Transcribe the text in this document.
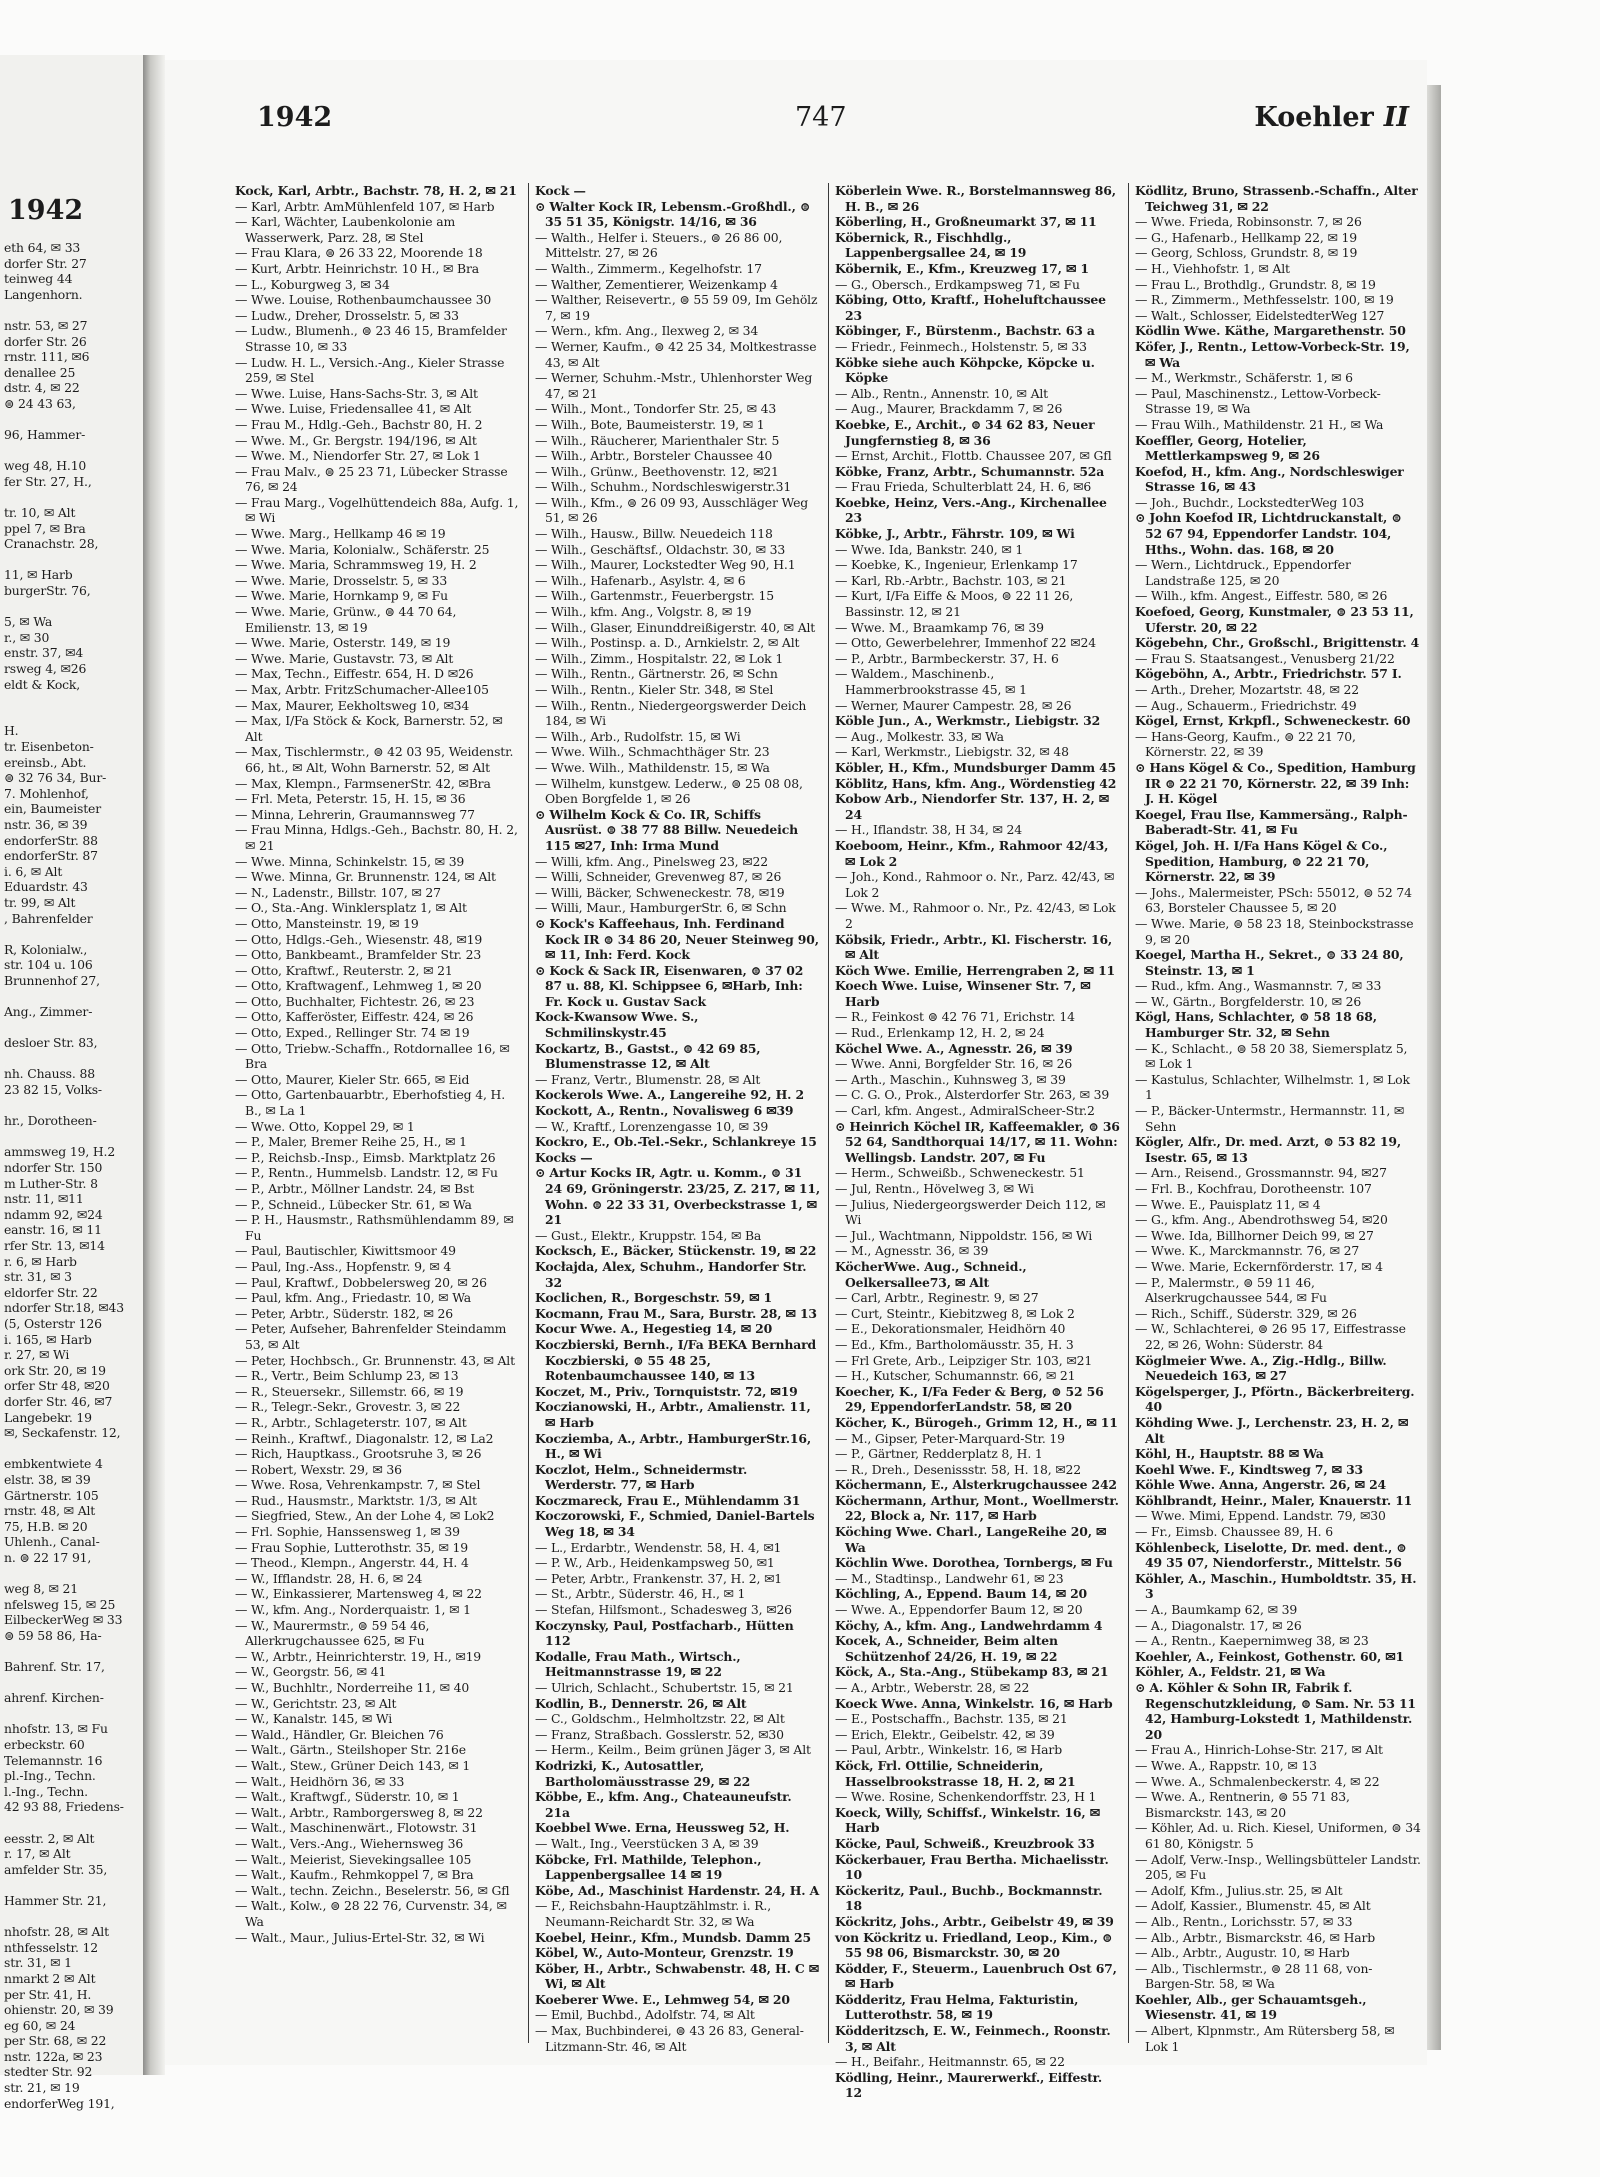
1942
eth 64, ✉ 33
dorfer Str. 27
teinweg 44
Langenhorn.
nstr. 53, ✉ 27
dorfer Str. 26
rnstr. 111, ✉6
denallee 25
dstr. 4, ✉ 22
⊜ 24 43 63,
96, Hammer-
weg 48, H.10
fer Str. 27, H.,
tr. 10, ✉ Alt
ppel 7, ✉ Bra
Cranachstr. 28,
11, ✉ Harb
burgerStr. 76,
5, ✉ Wa
r., ✉ 30
enstr. 37, ✉4
rsweg 4, ✉26
eldt & Kock,
H.
tr. Eisenbeton-
ereinsb., Abt.
⊜ 32 76 34, Bur-
7. Mohlenhof,
ein, Baumeister
nstr. 36, ✉ 39
endorferStr. 88
endorferStr. 87
i. 6, ✉ Alt
Eduardstr. 43
tr. 99, ✉ Alt
, Bahrenfelder
R, Kolonialw.,
str. 104 u. 106
Brunnenhof 27,
Ang., Zimmer-
desloer Str. 83,
nh. Chauss. 88
23 82 15, Volks-
hr., Dorotheen-
ammsweg 19, H.2
ndorfer Str. 150
m Luther-Str. 8
nstr. 11, ✉11
ndamm 92, ✉24
eanstr. 16, ✉ 11
rfer Str. 13, ✉14
r. 6, ✉ Harb
str. 31, ✉ 3
eldorfer Str. 22
ndorfer Str.18, ✉43
(5, Osterstr 126
i. 165, ✉ Harb
r. 27, ✉ Wi
ork Str. 20, ✉ 19
orfer Str 48, ✉20
dorfer Str. 46, ✉7
Langebekr. 19
✉, Seckafenstr. 12,
embkentwiete 4
elstr. 38, ✉ 39
Gärtnerstr. 105
rnstr. 48, ✉ Alt
75, H.B. ✉ 20
Uhlenh., Canal-
n. ⊜ 22 17 91,
weg 8, ✉ 21
nfelsweg 15, ✉ 25
EilbeckerWeg ✉ 33
⊜ 59 58 86, Ha-
Bahrenf. Str. 17,
ahrenf. Kirchen-
nhofstr. 13, ✉ Fu
erbeckstr. 60
Telemannstr. 16
pl.-Ing., Techn.
l.-Ing., Techn.
42 93 88, Friedens-
eesstr. 2, ✉ Alt
r. 17, ✉ Alt
amfelder Str. 35,
Hammer Str. 21,
nhofstr. 28, ✉ Alt
nthfesselstr. 12
str. 31, ✉ 1
nmarkt 2 ✉ Alt
per Str. 41, H.
ohienstr. 20, ✉ 39
eg 60, ✉ 24
per Str. 68, ✉ 22
nstr. 122a, ✉ 23
stedter Str. 92
str. 21, ✉ 19
endorferWeg 191,
1942	747	Koehler II
Kock, Karl, Arbtr., Bachstr. 78, H. 2, ✉ 21
— Karl, Arbtr. AmMühlenfeld 107, ✉ Harb
— Karl, Wächter, Laubenkolonie am Wasserwerk, Parz. 28, ✉ Stel
— Frau Klara, ⊜ 26 33 22, Moorende 18
— Kurt, Arbtr. Heinrichstr. 10 H., ✉ Bra
— L., Koburgweg 3, ✉ 34
— Wwe. Louise, Rothenbaumchaussee 30
— Ludw., Dreher, Drosselstr. 5, ✉ 33
— Ludw., Blumenh., ⊜ 23 46 15, Bramfelder Strasse 10, ✉ 33
— Ludw. H. L., Versich.-Ang., Kieler Strasse 259, ✉ Stel
— Wwe. Luise, Hans-Sachs-Str. 3, ✉ Alt
— Wwe. Luise, Friedensallee 41, ✉ Alt
— Frau M., Hdlg.-Geh., Bachstr 80, H. 2
— Wwe. M., Gr. Bergstr. 194/196, ✉ Alt
— Wwe. M., Niendorfer Str. 27, ✉ Lok 1
— Frau Malv., ⊜ 25 23 71, Lübecker Strasse 76, ✉ 24
— Frau Marg., Vogelhüttendeich 88a, Aufg. 1, ✉ Wi
— Wwe. Marg., Hellkamp 46 ✉ 19
— Wwe. Maria, Kolonialw., Schäferstr. 25
— Wwe. Maria, Schrammsweg 19, H. 2
— Wwe. Marie, Drosselstr. 5, ✉ 33
— Wwe. Marie, Hornkamp 9, ✉ Fu
— Wwe. Marie, Grünw., ⊜ 44 70 64, Emilienstr. 13, ✉ 19
— Wwe. Marie, Osterstr. 149, ✉ 19
— Wwe. Marie, Gustavstr. 73, ✉ Alt
— Max, Techn., Eiffestr. 654, H. D ✉26
— Max, Arbtr. FritzSchumacher-Allee105
— Max, Maurer, Eekholtsweg 10, ✉34
— Max, I/Fa Stöck & Kock, Barnerstr. 52, ✉ Alt
— Max, Tischlermstr., ⊜ 42 03 95, Weidenstr. 66, ht., ✉ Alt, Wohn Barnerstr. 52, ✉ Alt
— Max, Klempn., FarmsenerStr. 42, ✉Bra
— Frl. Meta, Peterstr. 15, H. 15, ✉ 36
— Minna, Lehrerin, Graumannsweg 77
— Frau Minna, Hdlgs.-Geh., Bachstr. 80, H. 2, ✉ 21
— Wwe. Minna, Schinkelstr. 15, ✉ 39
— Wwe. Minna, Gr. Brunnenstr. 124, ✉ Alt
— N., Ladenstr., Billstr. 107, ✉ 27
— O., Sta.-Ang. Winklersplatz 1, ✉ Alt
— Otto, Mansteinstr. 19, ✉ 19
— Otto, Hdlgs.-Geh., Wiesenstr. 48, ✉19
— Otto, Bankbeamt., Bramfelder Str. 23
— Otto, Kraftwf., Reuterstr. 2, ✉ 21
— Otto, Kraftwagenf., Lehmweg 1, ✉ 20
— Otto, Buchhalter, Fichtestr. 26, ✉ 23
— Otto, Kafferöster, Eiffestr. 424, ✉ 26
— Otto, Exped., Rellinger Str. 74 ✉ 19
— Otto, Triebw.-Schaffn., Rotdornallee 16, ✉ Bra
— Otto, Maurer, Kieler Str. 665, ✉ Eid
— Otto, Gartenbauarbtr., Eberhofstieg 4, H. B., ✉ La 1
— Wwe. Otto, Koppel 29, ✉ 1
— P., Maler, Bremer Reihe 25, H., ✉ 1
— P., Reichsb.-Insp., Eimsb. Marktplatz 26
— P., Rentn., Hummelsb. Landstr. 12, ✉ Fu
— P., Arbtr., Möllner Landstr. 24, ✉ Bst
— P., Schneid., Lübecker Str. 61, ✉ Wa
— P. H., Hausmstr., Rathsmühlendamm 89, ✉ Fu
— Paul, Bautischler, Kiwittsmoor 49
— Paul, Ing.-Ass., Hopfenstr. 9, ✉ 4
— Paul, Kraftwf., Dobbelersweg 20, ✉ 26
— Paul, kfm. Ang., Friedastr. 10, ✉ Wa
— Peter, Arbtr., Süderstr. 182, ✉ 26
— Peter, Aufseher, Bahrenfelder Steindamm 53, ✉ Alt
— Peter, Hochbsch., Gr. Brunnenstr. 43, ✉ Alt
— R., Vertr., Beim Schlump 23, ✉ 13
— R., Steuersekr., Sillemstr. 66, ✉ 19
— R., Telegr.-Sekr., Grovestr. 3, ✉ 22
— R., Arbtr., Schlageterstr. 107, ✉ Alt
— Reinh., Kraftwf., Diagonalstr. 12, ✉ La2
— Rich, Hauptkass., Grootsruhe 3, ✉ 26
— Robert, Wexstr. 29, ✉ 36
— Wwe. Rosa, Vehrenkampstr. 7, ✉ Stel
— Rud., Hausmstr., Marktstr. 1/3, ✉ Alt
— Siegfried, Stew., An der Lohe 4, ✉ Lok2
— Frl. Sophie, Hanssensweg 1, ✉ 39
— Frau Sophie, Lutterothstr. 35, ✉ 19
— Theod., Klempn., Angerstr. 44, H. 4
— W., Ifflandstr. 28, H. 6, ✉ 24
— W., Einkassierer, Martensweg 4, ✉ 22
— W., kfm. Ang., Norderquaistr. 1, ✉ 1
— W., Maurermstr., ⊜ 59 54 46, Allerkrugchaussee 625, ✉ Fu
— W., Arbtr., Heinrichterstr. 19, H., ✉19
— W., Georgstr. 56, ✉ 41
— W., Buchhltr., Norderreihe 11, ✉ 40
— W., Gerichtstr. 23, ✉ Alt
— W., Kanalstr. 145, ✉ Wi
— Wald., Händler, Gr. Bleichen 76
— Walt., Gärtn., Steilshoper Str. 216e
— Walt., Stew., Grüner Deich 143, ✉ 1
— Walt., Heidhörn 36, ✉ 33
— Walt., Kraftwgf., Süderstr. 10, ✉ 1
— Walt., Arbtr., Ramborgersweg 8, ✉ 22
— Walt., Maschinenwärt., Flotowstr. 31
— Walt., Vers.-Ang., Wiehernsweg 36
— Walt., Meierist, Sievekingsallee 105
— Walt., Kaufm., Rehmkoppel 7, ✉ Bra
— Walt., techn. Zeichn., Beselerstr. 56, ✉ Gfl
— Walt., Kolw., ⊜ 28 22 76, Curvenstr. 34, ✉ Wa
— Walt., Maur., Julius-Ertel-Str. 32, ✉ Wi
Kock —
⊙ Walter Kock IR, Lebensm.-Großhdl., ⊜ 35 51 35, Königstr. 14/16, ✉ 36
— Walth., Helfer i. Steuers., ⊜ 26 86 00, Mittelstr. 27, ✉ 26
— Walth., Zimmerm., Kegelhofstr. 17
— Walther, Zementierer, Weizenkamp 4
— Walther, Reisevertr., ⊜ 55 59 09, Im Gehölz 7, ✉ 19
— Wern., kfm. Ang., Ilexweg 2, ✉ 34
— Werner, Kaufm., ⊜ 42 25 34, Moltkestrasse 43, ✉ Alt
— Werner, Schuhm.-Mstr., Uhlenhorster Weg 47, ✉ 21
— Wilh., Mont., Tondorfer Str. 25, ✉ 43
— Wilh., Bote, Baumeisterstr. 19, ✉ 1
— Wilh., Räucherer, Marienthaler Str. 5
— Wilh., Arbtr., Borsteler Chaussee 40
— Wilh., Grünw., Beethovenstr. 12, ✉21
— Wilh., Schuhm., Nordschleswigerstr.31
— Wilh., Kfm., ⊜ 26 09 93, Ausschläger Weg 51, ✉ 26
— Wilh., Hausw., Billw. Neuedeich 118
— Wilh., Geschäftsf., Oldachstr. 30, ✉ 33
— Wilh., Maurer, Lockstedter Weg 90, H.1
— Wilh., Hafenarb., Asylstr. 4, ✉ 6
— Wilh., Gartenmstr., Feuerbergstr. 15
— Wilh., kfm. Ang., Volgstr. 8, ✉ 19
— Wilh., Glaser, Einunddreißigerstr. 40, ✉ Alt
— Wilh., Postinsp. a. D., Arnkielstr. 2, ✉ Alt
— Wilh., Zimm., Hospitalstr. 22, ✉ Lok 1
— Wilh., Rentn., Gärtnerstr. 26, ✉ Schn
— Wilh., Rentn., Kieler Str. 348, ✉ Stel
— Wilh., Rentn., Niedergeorgswerder Deich 184, ✉ Wi
— Wilh., Arb., Rudolfstr. 15, ✉ Wi
— Wwe. Wilh., Schmachthäger Str. 23
— Wwe. Wilh., Mathildenstr. 15, ✉ Wa
— Wilhelm, kunstgew. Lederw., ⊜ 25 08 08, Oben Borgfelde 1, ✉ 26
⊙ Wilhelm Kock & Co. IR, Schiffs Ausrüst. ⊜ 38 77 88 Billw. Neuedeich 115 ✉27, Inh: Irma Mund
— Willi, kfm. Ang., Pinelsweg 23, ✉22
— Willi, Schneider, Grevenweg 87, ✉ 26
— Willi, Bäcker, Schweneckestr. 78, ✉19
— Willi, Maur., HamburgerStr. 6, ✉ Schn
⊙ Kock's Kaffeehaus, Inh. Ferdinand Kock IR ⊜ 34 86 20, Neuer Steinweg 90, ✉ 11, Inh: Ferd. Kock
⊙ Kock & Sack IR, Eisenwaren, ⊜ 37 02 87 u. 88, Kl. Schippsee 6, ✉Harb, Inh: Fr. Kock u. Gustav Sack
Kock-Kwansow Wwe. S., Schmilinskystr.45
Kockartz, B., Gastst., ⊜ 42 69 85, Blumenstrasse 12, ✉ Alt
— Franz, Vertr., Blumenstr. 28, ✉ Alt
Kockerols Wwe. A., Langereihe 92, H. 2
Kockott, A., Rentn., Novalisweg 6 ✉39
— W., Kraftf., Lorenzengasse 10, ✉ 39
Kockro, E., Ob.-Tel.-Sekr., Schlankreye 15
Kocks —
⊙ Artur Kocks IR, Agtr. u. Komm., ⊜ 31 24 69, Gröningerstr. 23/25, Z. 217, ✉ 11, Wohn. ⊜ 22 33 31, Overbeckstrasse 1, ✉ 21
— Gust., Elektr., Kruppstr. 154, ✉ Ba
Kocksch, E., Bäcker, Stückenstr. 19, ✉ 22
Kocłajda, Alex, Schuhm., Handorfer Str. 32
Koclichen, R., Borgeschstr. 59, ✉ 1
Kocmann, Frau M., Sara, Burstr. 28, ✉ 13
Kocur Wwe. A., Hegestieg 14, ✉ 20
Koczbierski, Bernh., I/Fa BEKA Bernhard Koczbierski, ⊜ 55 48 25, Rotenbaumchaussee 140, ✉ 13
Koczet, M., Priv., Tornquiststr. 72, ✉19
Koczianowski, H., Arbtr., Amalienstr. 11, ✉ Harb
Kocziemba, A., Arbtr., HamburgerStr.16, H., ✉ Wi
Koczlot, Helm., Schneidermstr. Werderstr. 77, ✉ Harb
Koczmareck, Frau E., Mühlendamm 31
Koczorowski, F., Schmied, Daniel-Bartels Weg 18, ✉ 34
— L., Erdarbtr., Wendenstr. 58, H. 4, ✉1
— P. W., Arb., Heidenkampsweg 50, ✉1
— Peter, Arbtr., Frankenstr. 37, H. 2, ✉1
— St., Arbtr., Süderstr. 46, H., ✉ 1
— Stefan, Hilfsmont., Schadesweg 3, ✉26
Koczynsky, Paul, Postfacharb., Hütten 112
Kodalle, Frau Math., Wirtsch., Heitmannstrasse 19, ✉ 22
— Ulrich, Schlacht., Schubertstr. 15, ✉ 21
Kodlin, B., Dennerstr. 26, ✉ Alt
— C., Goldschm., Helmholtzstr. 22, ✉ Alt
— Franz, Straßbach. Gosslerstr. 52, ✉30
— Herm., Keilm., Beim grünen Jäger 3, ✉ Alt
Kodrizki, K., Autosattler, Bartholomäusstrasse 29, ✉ 22
Köbbe, E., kfm. Ang., Chateauneufstr. 21a
Koebbel Wwe. Erna, Heussweg 52, H.
— Walt., Ing., Veerstücken 3 A, ✉ 39
Köbcke, Frl. Mathilde, Telephon., Lappenbergsallee 14 ✉ 19
Köbe, Ad., Maschinist Hardenstr. 24, H. A
— F., Reichsbahn-Hauptzählmstr. i. R., Neumann-Reichardt Str. 32, ✉ Wa
Koebel, Heinr., Kfm., Mundsb. Damm 25
Köbel, W., Auto-Monteur, Grenzstr. 19
Köber, H., Arbtr., Schwabenstr. 48, H. C ✉ Wi, ✉ Alt
Koeberer Wwe. E., Lehmweg 54, ✉ 20
— Emil, Buchbd., Adolfstr. 74, ✉ Alt
— Max, Buchbinderei, ⊜ 43 26 83, General-Litzmann-Str. 46, ✉ Alt
Köberlein Wwe. R., Borstelmannsweg 86, H. B., ✉ 26
Köberling, H., Großneumarkt 37, ✉ 11
Köbernick, R., Fischhdlg., Lappenbergsallee 24, ✉ 19
Köbernik, E., Kfm., Kreuzweg 17, ✉ 1
— G., Obersch., Erdkampsweg 71, ✉ Fu
Köbing, Otto, Kraftf., Hoheluftchaussee 23
Köbinger, F., Bürstenm., Bachstr. 63 a
— Friedr., Feinmech., Holstenstr. 5, ✉ 33
Köbke siehe auch Köhpcke, Köpcke u. Köpke
— Alb., Rentn., Annenstr. 10, ✉ Alt
— Aug., Maurer, Brackdamm 7, ✉ 26
Koebke, E., Archit., ⊜ 34 62 83, Neuer Jungfernstieg 8, ✉ 36
— Ernst, Archit., Flottb. Chaussee 207, ✉ Gfl
Köbke, Franz, Arbtr., Schumannstr. 52a
— Frau Frieda, Schulterblatt 24, H. 6, ✉6
Koebke, Heinz, Vers.-Ang., Kirchenallee 23
Köbke, J., Arbtr., Fährstr. 109, ✉ Wi
— Wwe. Ida, Bankstr. 240, ✉ 1
— Koebke, K., Ingenieur, Erlenkamp 17
— Karl, Rb.-Arbtr., Bachstr. 103, ✉ 21
— Kurt, I/Fa Eiffe & Moos, ⊜ 22 11 26, Bassinstr. 12, ✉ 21
— Wwe. M., Braamkamp 76, ✉ 39
— Otto, Gewerbelehrer, Immenhof 22 ✉24
— P., Arbtr., Barmbeckerstr. 37, H. 6
— Waldem., Maschinenb., Hammerbrookstrasse 45, ✉ 1
— Werner, Maurer Campestr. 28, ✉ 26
Köble Jun., A., Werkmstr., Liebigstr. 32
— Aug., Molkestr. 33, ✉ Wa
— Karl, Werkmstr., Liebigstr. 32, ✉ 48
Köbler, H., Kfm., Mundsburger Damm 45
Köblitz, Hans, kfm. Ang., Wördenstieg 42
Kobow Arb., Niendorfer Str. 137, H. 2, ✉24
— H., Iflandstr. 38, H 34, ✉ 24
Koeboom, Heinr., Kfm., Rahmoor 42/43, ✉ Lok 2
— Joh., Kond., Rahmoor o. Nr., Parz. 42/43, ✉ Lok 2
— Wwe. M., Rahmoor o. Nr., Pz. 42/43, ✉ Lok 2
Köbsik, Friedr., Arbtr., Kl. Fischerstr. 16, ✉ Alt
Köch Wwe. Emilie, Herrengraben 2, ✉ 11
Koech Wwe. Luise, Winsener Str. 7, ✉ Harb
— R., Feinkost ⊜ 42 76 71, Erichstr. 14
— Rud., Erlenkamp 12, H. 2, ✉ 24
Köchel Wwe. A., Agnesstr. 26, ✉ 39
— Wwe. Anni, Borgfelder Str. 16, ✉ 26
— Arth., Maschin., Kuhnsweg 3, ✉ 39
— C. G. O., Prok., Alsterdorfer Str. 263, ✉ 39
— Carl, kfm. Angest., AdmiralScheer-Str.2
⊙ Heinrich Köchel IR, Kaffeemakler, ⊜ 36 52 64, Sandthorquai 14/17, ✉ 11. Wohn: Wellingsb. Landstr. 207, ✉ Fu
— Herm., Schweißb., Schweneckestr. 51
— Jul, Rentn., Hövelweg 3, ✉ Wi
— Julius, Niedergeorgswerder Deich 112, ✉ Wi
— Jul., Wachtmann, Nippoldstr. 156, ✉ Wi
— M., Agnesstr. 36, ✉ 39
KöcherWwe. Aug., Schneid., Oelkersallee73, ✉ Alt
— Carl, Arbtr., Reginestr. 9, ✉ 27
— Curt, Steintr., Kiebitzweg 8, ✉ Lok 2
— E., Dekorationsmaler, Heidhörn 40
— Ed., Kfm., Bartholomäusstr. 35, H. 3
— Frl Grete, Arb., Leipziger Str. 103, ✉21
— H., Kutscher, Schumannstr. 66, ✉ 21
Koecher, K., I/Fa Feder & Berg, ⊜ 52 56 29, EppendorferLandstr. 58, ✉ 20
Köcher, K., Bürogeh., Grimm 12, H., ✉ 11
— M., Gipser, Peter-Marquard-Str. 19
— P., Gärtner, Redderplatz 8, H. 1
— R., Dreh., Desenissstr. 58, H. 18, ✉22
Köchermann, E., Alsterkrugchaussee 242
Köchermann, Arthur, Mont., Woellmerstr. 22, Block a, Nr. 117, ✉ Harb
Köching Wwe. Charl., LangeReihe 20, ✉Wa
Köchlin Wwe. Dorothea, Tornbergs, ✉ Fu
— M., Stadtinsp., Landwehr 61, ✉ 23
Köchling, A., Eppend. Baum 14, ✉ 20
— Wwe. A., Eppendorfer Baum 12, ✉ 20
Köchy, A., kfm. Ang., Landwehrdamm 4
Kocek, A., Schneider, Beim alten Schützenhof 24/26, H. 19, ✉ 22
Köck, A., Sta.-Ang., Stübekamp 83, ✉ 21
— A., Arbtr., Weberstr. 28, ✉ 22
Koeck Wwe. Anna, Winkelstr. 16, ✉ Harb
— E., Postschaffn., Bachstr. 135, ✉ 21
— Erich, Elektr., Geibelstr. 42, ✉ 39
— Paul, Arbtr., Winkelstr. 16, ✉ Harb
Köck, Frl. Ottilie, Schneiderin, Hasselbrookstrasse 18, H. 2, ✉ 21
— Wwe. Rosine, Schenkendorffstr. 23, H 1
Koeck, Willy, Schiffsf., Winkelstr. 16, ✉ Harb
Köcke, Paul, Schweiß., Kreuzbrook 33
Köckerbauer, Frau Bertha. Michaelisstr. 10
Köckeritz, Paul., Buchb., Bockmannstr. 18
Köckritz, Johs., Arbtr., Geibelstr 49, ✉ 39
von Köckritz u. Friedland, Leop., Kim., ⊜ 55 98 06, Bismarckstr. 30, ✉ 20
Ködder, F., Steuerm., Lauenbruch Ost 67, ✉ Harb
Ködderitz, Frau Helma, Fakturistin, Lutterothstr. 58, ✉ 19
Ködderitzsch, E. W., Feinmech., Roonstr. 3, ✉ Alt
— H., Beifahr., Heitmannstr. 65, ✉ 22
Ködling, Heinr., Maurerwerkf., Eiffestr. 12
Ködlitz, Bruno, Strassenb.-Schaffn., Alter Teichweg 31, ✉ 22
— Wwe. Frieda, Robinsonstr. 7, ✉ 26
— G., Hafenarb., Hellkamp 22, ✉ 19
— Georg, Schloss, Grundstr. 8, ✉ 19
— H., Viehhofstr. 1, ✉ Alt
— Frau L., Brothdlg., Grundstr. 8, ✉ 19
— R., Zimmerm., Methfesselstr. 100, ✉ 19
— Walt., Schlosser, EidelstedterWeg 127
Ködlin Wwe. Käthe, Margarethenstr. 50
Köfer, J., Rentn., Lettow-Vorbeck-Str. 19, ✉ Wa
— M., Werkmstr., Schäferstr. 1, ✉ 6
— Paul, Maschinenstz., Lettow-Vorbeck-Strasse 19, ✉ Wa
— Frau Wilh., Mathildenstr. 21 H., ✉ Wa
Koeffler, Georg, Hotelier, Mettlerkampsweg 9, ✉ 26
Koefod, H., kfm. Ang., Nordschleswiger Strasse 16, ✉ 43
— Joh., Buchdr., LockstedterWeg 103
⊙ John Koefod IR, Lichtdruckanstalt, ⊜ 52 67 94, Eppendorfer Landstr. 104, Hths., Wohn. das. 168, ✉ 20
— Wern., Lichtdruck., Eppendorfer Landstraße 125, ✉ 20
— Wilh., kfm. Angest., Eiffestr. 580, ✉ 26
Koefoed, Georg, Kunstmaler, ⊜ 23 53 11, Uferstr. 20, ✉ 22
Kögebehn, Chr., Großschl., Brigittenstr. 4
— Frau S. Staatsangest., Venusberg 21/22
Kögeböhn, A., Arbtr., Friedrichstr. 57 I.
— Arth., Dreher, Mozartstr. 48, ✉ 22
— Aug., Schauerm., Friedrichstr. 49
Kögel, Ernst, Krkpfl., Schweneckestr. 60
— Hans-Georg, Kaufm., ⊜ 22 21 70, Körnerstr. 22, ✉ 39
⊙ Hans Kögel & Co., Spedition, Hamburg IR ⊜ 22 21 70, Körnerstr. 22, ✉ 39 Inh: J. H. Kögel
Koegel, Frau Ilse, Kammersäng., Ralph-Baberadt-Str. 41, ✉ Fu
Kögel, Joh. H. I/Fa Hans Kögel & Co., Spedition, Hamburg, ⊜ 22 21 70, Körnerstr. 22, ✉ 39
— Johs., Malermeister, PSch: 55012, ⊜ 52 74 63, Borsteler Chaussee 5, ✉ 20
— Wwe. Marie, ⊜ 58 23 18, Steinbockstrasse 9, ✉ 20
Koegel, Martha H., Sekret., ⊜ 33 24 80, Steinstr. 13, ✉ 1
— Rud., kfm. Ang., Wasmannstr. 7, ✉ 33
— W., Gärtn., Borgfelderstr. 10, ✉ 26
Kögl, Hans, Schlachter, ⊜ 58 18 68, Hamburger Str. 32, ✉ Sehn
— K., Schlacht., ⊜ 58 20 38, Siemersplatz 5, ✉ Lok 1
— Kastulus, Schlachter, Wilhelmstr. 1, ✉ Lok 1
— P., Bäcker-Untermstr., Hermannstr. 11, ✉ Sehn
Kögler, Alfr., Dr. med. Arzt, ⊜ 53 82 19, Isestr. 65, ✉ 13
— Arn., Reisend., Grossmannstr. 94, ✉27
— Frl. B., Kochfrau, Dorotheenstr. 107
— Wwe. E., Pauisplatz 11, ✉ 4
— G., kfm. Ang., Abendrothsweg 54, ✉20
— Wwe. Ida, Billhorner Deich 99, ✉ 27
— Wwe. K., Marckmannstr. 76, ✉ 27
— Wwe. Marie, Eckernförderstr. 17, ✉ 4
— P., Malermstr., ⊜ 59 11 46, Alserkrugchaussee 544, ✉ Fu
— Rich., Schiff., Süderstr. 329, ✉ 26
— W., Schlachterei, ⊜ 26 95 17, Eiffestrasse 22, ✉ 26, Wohn: Süderstr. 84
Köglmeier Wwe. A., Zig.-Hdlg., Billw. Neuedeich 163, ✉ 27
Kögelsperger, J., Pförtn., Bäckerbreiterg. 40
Köhding Wwe. J., Lerchenstr. 23, H. 2, ✉ Alt
Köhl, H., Hauptstr. 88 ✉ Wa
Koehl Wwe. F., Kindtsweg 7, ✉ 33
Köhle Wwe. Anna, Angerstr. 26, ✉ 24
Köhlbrandt, Heinr., Maler, Knauerstr. 11
— Wwe. Mimi, Eppend. Landstr. 79, ✉30
— Fr., Eimsb. Chaussee 89, H. 6
Köhlenbeck, Liselotte, Dr. med. dent., ⊜ 49 35 07, Niendorferstr., Mittelstr. 56
Köhler, A., Maschin., Humboldtstr. 35, H. 3
— A., Baumkamp 62, ✉ 39
— A., Diagonalstr. 17, ✉ 26
— A., Rentn., Kaepernimweg 38, ✉ 23
Koehler, A., Feinkost, Gothenstr. 60, ✉1
Köhler, A., Feldstr. 21, ✉ Wa
⊙ A. Köhler & Sohn IR, Fabrik f. Regenschutzkleidung, ⊜ Sam. Nr. 53 11 42, Hamburg-Lokstedt 1, Mathildenstr. 20
— Frau A., Hinrich-Lohse-Str. 217, ✉ Alt
— Wwe. A., Rappstr. 10, ✉ 13
— Wwe. A., Schmalenbeckerstr. 4, ✉ 22
— Wwe. A., Rentnerin, ⊜ 55 71 83, Bismarckstr. 143, ✉ 20
— Köhler, Ad. u. Rich. Kiesel, Uniformen, ⊜ 34 61 80, Königstr. 5
— Adolf, Verw.-Insp., Wellingsbütteler Landstr. 205, ✉ Fu
— Adolf, Kfm., Julius.str. 25, ✉ Alt
— Adolf, Kassier., Blumenstr. 45, ✉ Alt
— Alb., Rentn., Lorichsstr. 57, ✉ 33
— Alb., Arbtr., Bismarckstr. 46, ✉ Harb
— Alb., Arbtr., Augustr. 10, ✉ Harb
— Alb., Tischlermstr., ⊜ 28 11 68, von-Bargen-Str. 58, ✉ Wa
Koehler, Alb., ger Schauamtsgeh., Wiesenstr. 41, ✉ 19
— Albert, Klpnmstr., Am Rütersberg 58, ✉ Lok 1
